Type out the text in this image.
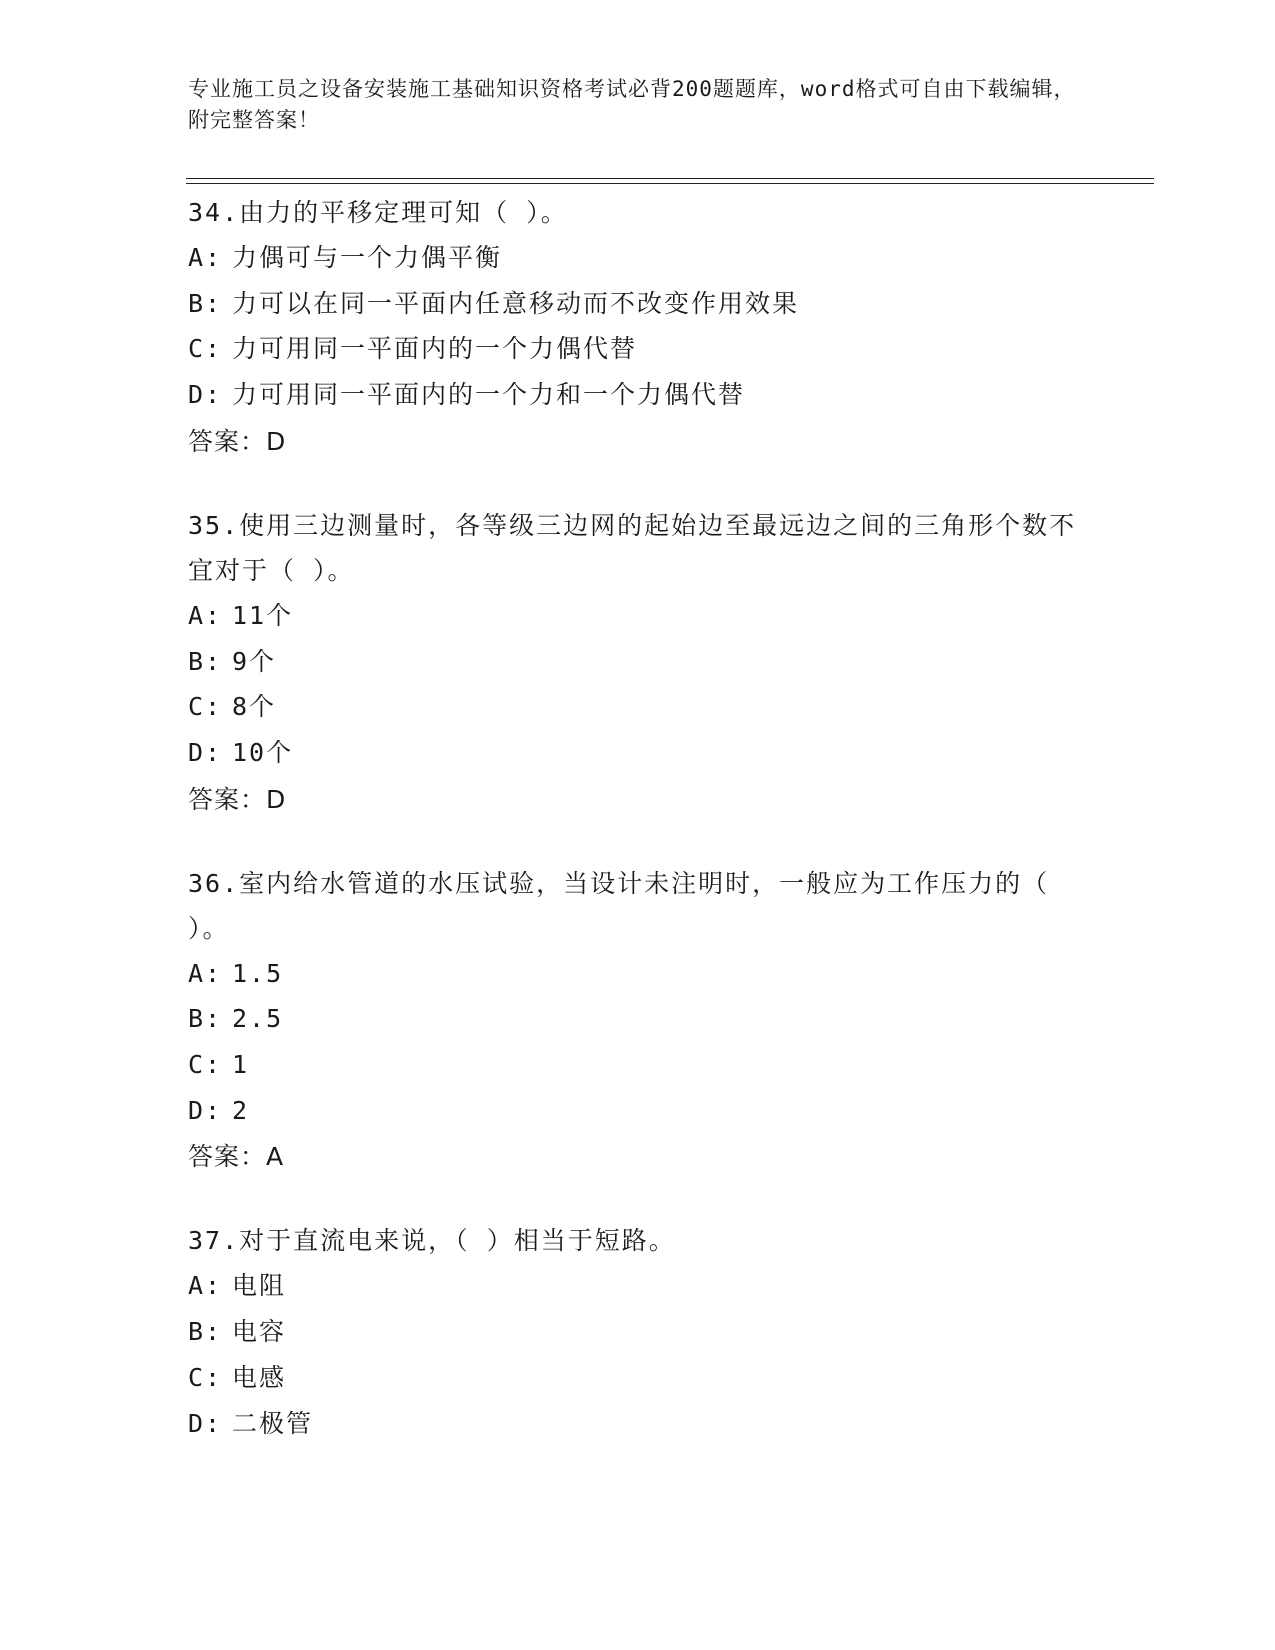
专业施工员之设备安装施工基础知识资格考试必背200题题库，word格式可自由下载编辑，附完整答案！

34.由力的平移定理可知（ ）。

A: 力偶可与一个力偶平衡

B: 力可以在同一平面内任意移动而不改变作用效果

C: 力可用同一平面内的一个力偶代替

D: 力可用同一平面内的一个力和一个力偶代替

答案：D

35.使用三边测量时，各等级三边网的起始边至最远边之间的三角形个数不宜对于（ ）。

A: 11个

B: 9个

C: 8个

D: 10个

答案：D

36.室内给水管道的水压试验，当设计未注明时，一般应为工作压力的（ ）。

A: 1.5

B: 2.5

C: 1

D: 2

答案：A

37.对于直流电来说，（ ）相当于短路。

A: 电阻

B: 电容

C: 电感

D: 二极管
